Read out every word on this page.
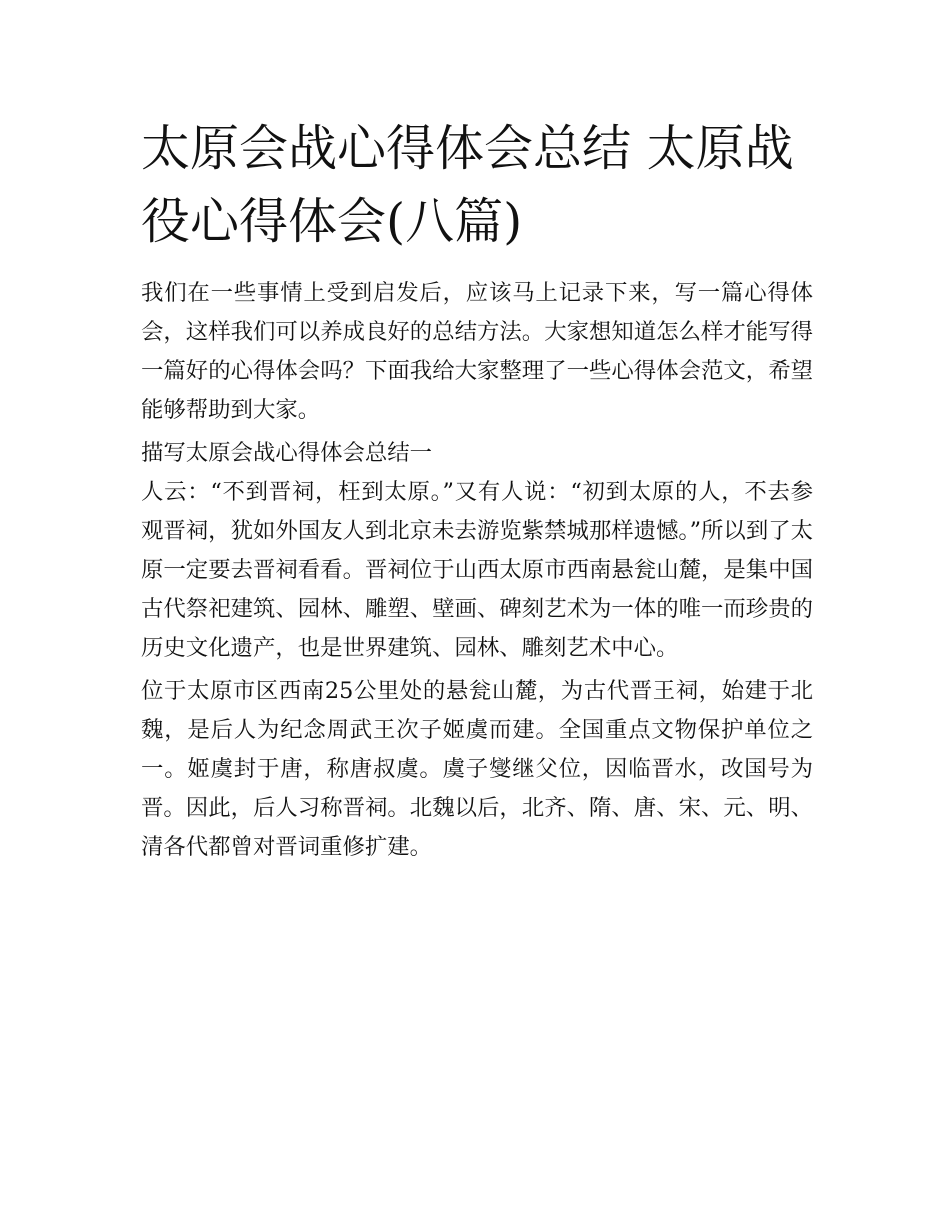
太原会战心得体会总结 太原战役心得体会(八篇)

我们在一些事情上受到启发后，应该马上记录下来，写一篇心得体会，这样我们可以养成良好的总结方法。大家想知道怎么样才能写得一篇好的心得体会吗？下面我给大家整理了一些心得体会范文，希望能够帮助到大家。

描写太原会战心得体会总结一

人云：“不到晋祠，枉到太原。”又有人说：“初到太原的人，不去参观晋祠，犹如外国友人到北京未去游览紫禁城那样遗憾。”所以到了太原一定要去晋祠看看。晋祠位于山西太原市西南悬瓮山麓，是集中国古代祭祀建筑、园林、雕塑、壁画、碑刻艺术为一体的唯一而珍贵的历史文化遗产，也是世界建筑、园林、雕刻艺术中心。

位于太原市区西南25公里处的悬瓮山麓，为古代晋王祠，始建于北魏，是后人为纪念周武王次子姬虞而建。全国重点文物保护单位之一。姬虞封于唐，称唐叔虞。虞子燮继父位，因临晋水，改国号为晋。因此，后人习称晋祠。北魏以后，北齐、隋、唐、宋、元、明、清各代都曾对晋词重修扩建。
